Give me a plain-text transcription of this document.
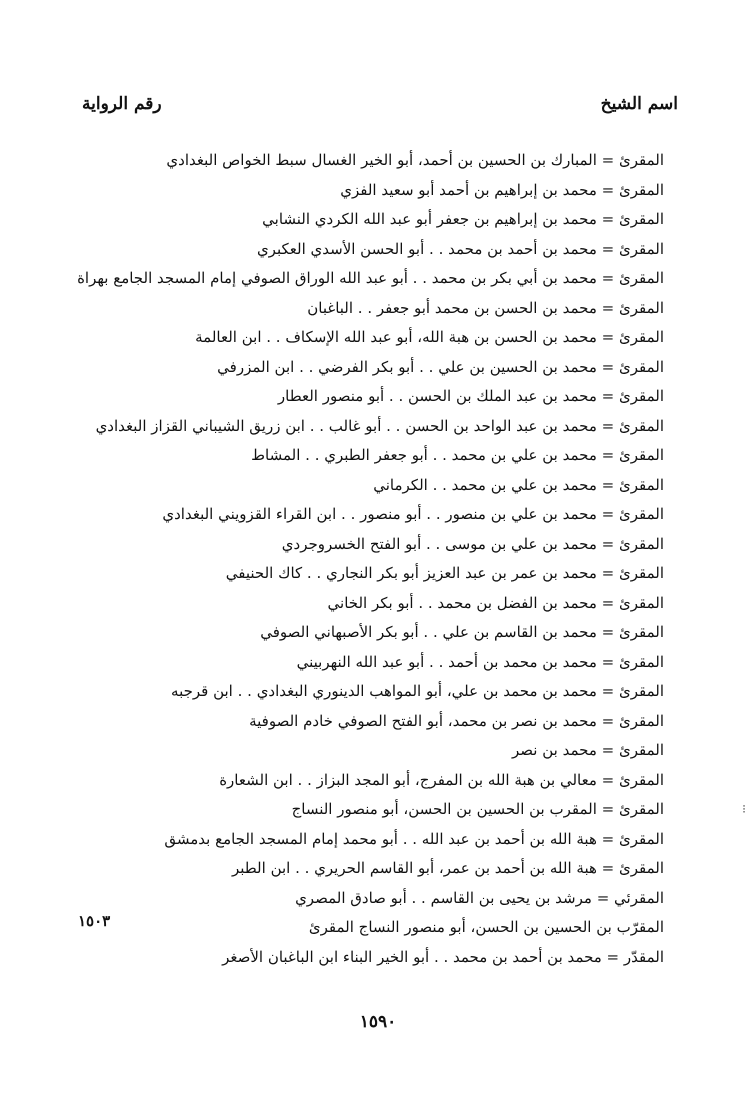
اسم الشيخ
رقم الرواية
المقرئ = المبارك بن الحسين بن أحمد، أبو الخير الغسال سبط الخواص البغدادي
المقرئ = محمد بن إبراهيم بن أحمد أبو سعيد الفزي
المقرئ = محمد بن إبراهيم بن جعفر أبو عبد الله الكردي النشابي
المقرئ = محمد بن أحمد بن محمد . . أبو الحسن الأسدي العكبري
المقرئ = محمد بن أبي بكر بن محمد . . أبو عبد الله الوراق الصوفي إمام المسجد الجامع بهراة
المقرئ = محمد بن الحسن بن محمد أبو جعفر . . الباغبان
المقرئ = محمد بن الحسن بن هبة الله، أبو عبد الله الإسكاف . . ابن العالمة
المقرئ = محمد بن الحسين بن علي . . أبو بكر الفرضي . . ابن المزرفي
المقرئ = محمد بن عبد الملك بن الحسن . . أبو منصور العطار
المقرئ = محمد بن عبد الواحد بن الحسن . . أبو غالب . . ابن زريق الشيباني القزاز البغدادي
المقرئ = محمد بن علي بن محمد . . أبو جعفر الطبري . . المشاط
المقرئ = محمد بن علي بن محمد . . الكرماني
المقرئ = محمد بن علي بن منصور . . أبو منصور . . ابن القراء القزويني البغدادي
المقرئ = محمد بن علي بن موسى . . أبو الفتح الخسروجردي
المقرئ = محمد بن عمر بن عبد العزيز أبو بكر النجاري . . كاك الحنيفي
المقرئ = محمد بن الفضل بن محمد . . أبو بكر الخاني
المقرئ = محمد بن القاسم بن علي . . أبو بكر الأصبهاني الصوفي
المقرئ = محمد بن محمد بن أحمد . . أبو عبد الله النهربيني
المقرئ = محمد بن محمد بن علي، أبو المواهب الدينوري البغدادي . . ابن قرجبه
المقرئ = محمد بن نصر بن محمد، أبو الفتح الصوفي خادم الصوفية
المقرئ = محمد بن نصر
المقرئ = معالي بن هبة الله بن المفرج، أبو المجد البزاز . . ابن الشعارة
المقرئ = المقرب بن الحسين بن الحسن، أبو منصور النساج
المقرئ = هبة الله بن أحمد بن عبد الله . . أبو محمد إمام المسجد الجامع بدمشق
المقرئ = هبة الله بن أحمد بن عمر، أبو القاسم الحريري . . ابن الطبر
المقرئي = مرشد بن يحيى بن القاسم . . أبو صادق المصري
المقرّب بن الحسين بن الحسن، أبو منصور النساج المقرئ
المقدّر = محمد بن أحمد بن محمد . . أبو الخير البناء ابن الباغبان الأصغر
١٥٠٣
١٥٩٠
⁝
